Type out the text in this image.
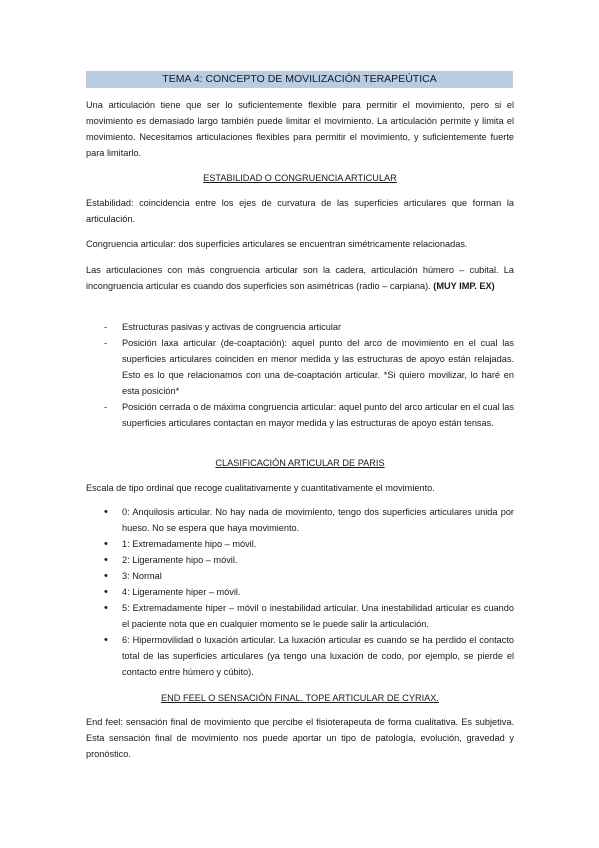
TEMA 4: CONCEPTO DE MOVILIZACIÓN TERAPEÚTICA
Una articulación tiene que ser lo suficientemente flexible para permitir el movimiento, pero si el movimiento es demasiado largo también puede limitar el movimiento. La articulación permite y limita el movimiento. Necesitamos articulaciones flexibles para permitir el movimiento, y suficientemente fuerte para limitarlo.
ESTABILIDAD O CONGRUENCIA ARTICULAR
Estabilidad: coincidencia entre los ejes de curvatura de las superficies articulares que forman la articulación.
Congruencia articular: dos superficies articulares se encuentran simétricamente relacionadas.
Las articulaciones con más congruencia articular son la cadera, articulación húmero – cubital. La incongruencia articular es cuando dos superficies son asimétricas (radio – carpiana). (MUY IMP. EX)
- Estructuras pasivas y activas de congruencia articular
- Posición laxa articular (de-coaptación): aquel punto del arco de movimiento en el cual las superficies articulares coinciden en menor medida y las estructuras de apoyo están relajadas. Esto es lo que relacionamos con una de-coaptación articular. *Si quiero movilizar, lo haré en esta posición*
- Posición cerrada o de máxima congruencia articular: aquel punto del arco articular en el cual las superficies articulares contactan en mayor medida y las estructuras de apoyo están tensas.
CLASIFICACIÓN ARTICULAR DE PARIS
Escala de tipo ordinal que recoge cualitativamente y cuantitativamente el movimiento.
• 0: Anquilosis articular. No hay nada de movimiento, tengo dos superficies articulares unida por hueso. No se espera que haya movimiento.
• 1: Extremadamente hipo – móvil.
• 2: Ligeramente hipo – móvil.
• 3: Normal
• 4: Ligeramente hiper – móvil.
• 5: Extremadamente hiper – móvil o inestabilidad articular. Una inestabilidad articular es cuando el paciente nota que en cualquier momento se le puede salir la articulación.
• 6: Hipermovilidad o luxación articular. La luxación articular es cuando se ha perdido el contacto total de las superficies articulares (ya tengo una luxación de codo, por ejemplo, se pierde el contacto entre húmero y cúbito).
END FEEL O SENSACIÓN FINAL. TOPE ARTICULAR DE CYRIAX.
End feel: sensación final de movimiento que percibe el fisioterapeuta de forma cualitativa. Es subjetiva. Esta sensación final de movimiento nos puede aportar un tipo de patología, evolución, gravedad y pronóstico.
